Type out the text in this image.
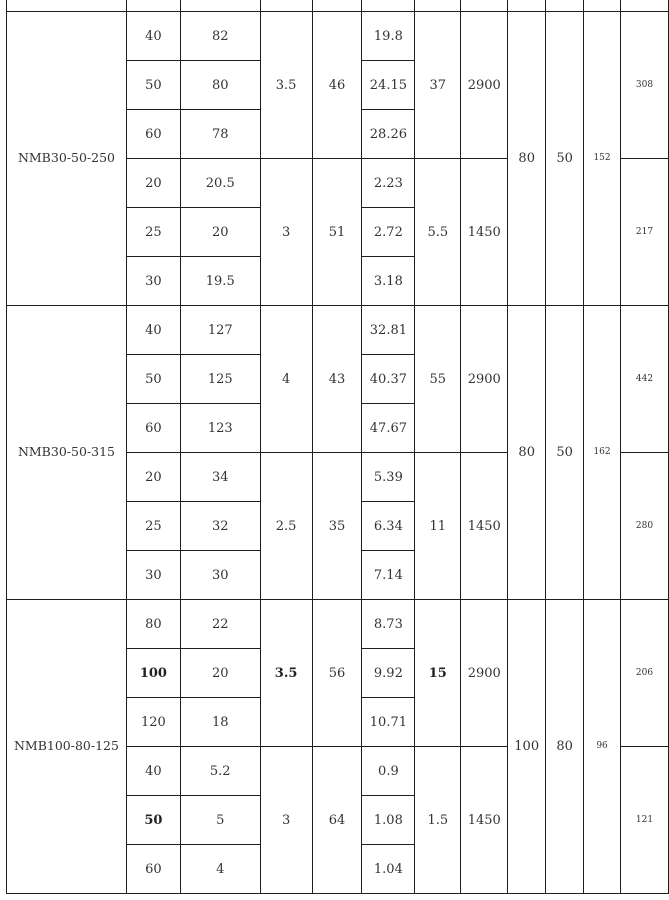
NMB30-50-250	40	82	3.5	46	19.8	37	2900	80	50	152	308
	50	80			24.15						
	60	78			28.26						
	20	20.5	3	51	2.23	5.5	1450				217
	25	20			2.72						
	30	19.5			3.18						
NMB30-50-315	40	127	4	43	32.81	55	2900	80	50	162	442
	50	125			40.37						
	60	123			47.67						
	20	34	2.5	35	5.39	11	1450				280
	25	32			6.34						
	30	30			7.14						
NMB100-80-125	80	22	3.5	56	8.73	15	2900	100	80	96	206
	100	20			9.92						
	120	18			10.71						
	40	5.2	3	64	0.9	1.5	1450				121
	50	5			1.08						
	60	4			1.04						
